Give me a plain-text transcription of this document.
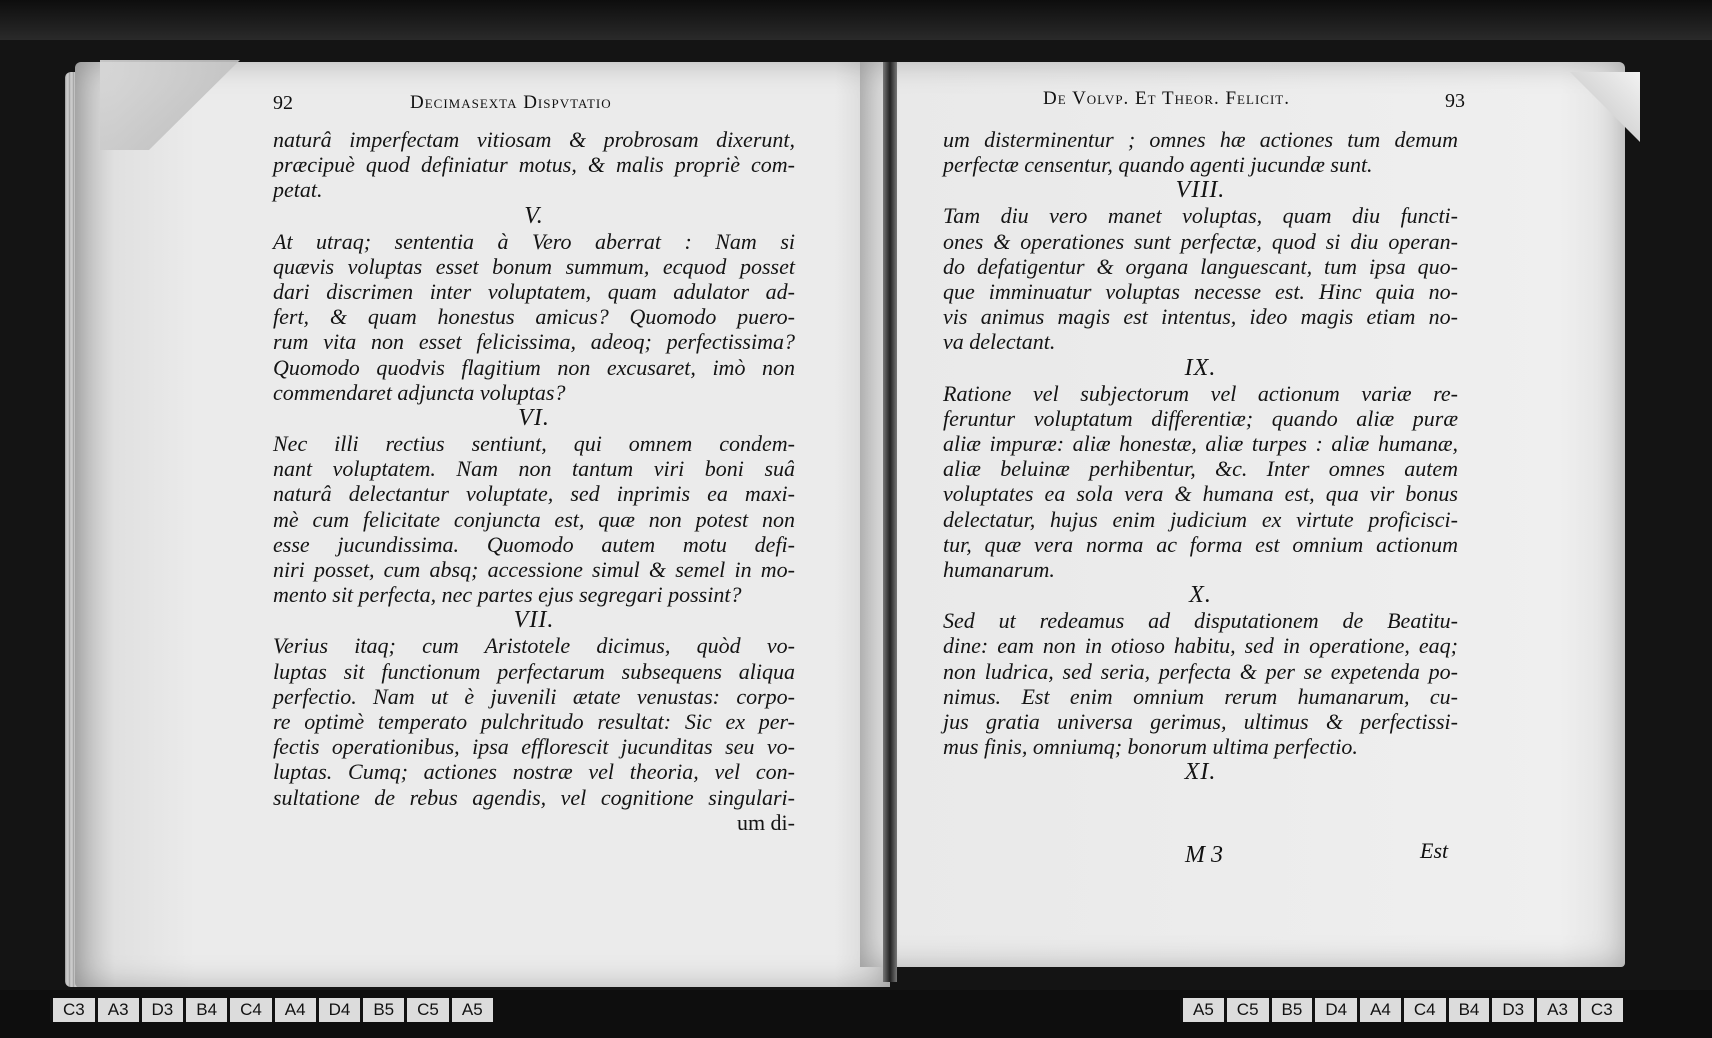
92	Decimasexta Dispvtatio	De Volvp. Et Theor. Felicit.	93
naturâ imperfectam vitiosam & probrosam dixerunt,
præcipuè quod definiatur motus, & malis propriè com-
petat.
V.
At utraq; sententia à Vero aberrat : Nam si
quævis voluptas esset bonum summum, ecquod posset
dari discrimen inter voluptatem, quam adulator ad-
fert, & quam honestus amicus? Quomodo puero-
rum vita non esset felicissima, adeoq; perfectissima?
Quomodo quodvis flagitium non excusaret, imò non
commendaret adjuncta voluptas?
VI.
Nec illi rectius sentiunt, qui omnem condem-
nant voluptatem. Nam non tantum viri boni suâ
naturâ delectantur voluptate, sed inprimis ea maxi-
mè cum felicitate conjuncta est, quæ non potest non
esse jucundissima. Quomodo autem motu defi-
niri posset, cum absq; accessione simul & semel in mo-
mento sit perfecta, nec partes ejus segregari possint?
VII.
Verius itaq; cum Aristotele dicimus, quòd vo-
luptas sit functionum perfectarum subsequens aliqua
perfectio. Nam ut è juvenili ætate venustas: corpo-
re optimè temperato pulchritudo resultat: Sic ex per-
fectis operationibus, ipsa efflorescit jucunditas seu vo-
luptas. Cumq; actiones nostræ vel theoria, vel con-
sultatione de rebus agendis, vel cognitione singulari-
um di-
um disterminentur ; omnes hæ actiones tum demum
perfectæ censentur, quando agenti jucundæ sunt.
VIII.
Tam diu vero manet voluptas, quam diu functi-
ones & operationes sunt perfectæ, quod si diu operan-
do defatigentur & organa languescant, tum ipsa quo-
que imminuatur voluptas necesse est. Hinc quia no-
vis animus magis est intentus, ideo magis etiam no-
va delectant.
IX.
Ratione vel subjectorum vel actionum variæ re-
feruntur voluptatum differentiæ; quando aliæ puræ
aliæ impuræ: aliæ honestæ, aliæ turpes : aliæ humanæ,
aliæ beluinæ perhibentur, &c. Inter omnes autem
voluptates ea sola vera & humana est, qua vir bonus
delectatur, hujus enim judicium ex virtute proficisci-
tur, quæ vera norma ac forma est omnium actionum
humanarum.
X.
Sed ut redeamus ad disputationem de Beatitu-
dine: eam non in otioso habitu, sed in operatione, eaq;
non ludrica, sed seria, perfecta & per se expetenda po-
nimus. Est enim omnium rerum humanarum, cu-
jus gratia universa gerimus, ultimus & perfectissi-
mus finis, omniumq; bonorum ultima perfectio.
XI.
M 3	Est
C3	A3	D3	B4	C4	A4	D4	B5	C5	A5	A5	C5	B5	D4	A4	C4	B4	D3	A3	C3
